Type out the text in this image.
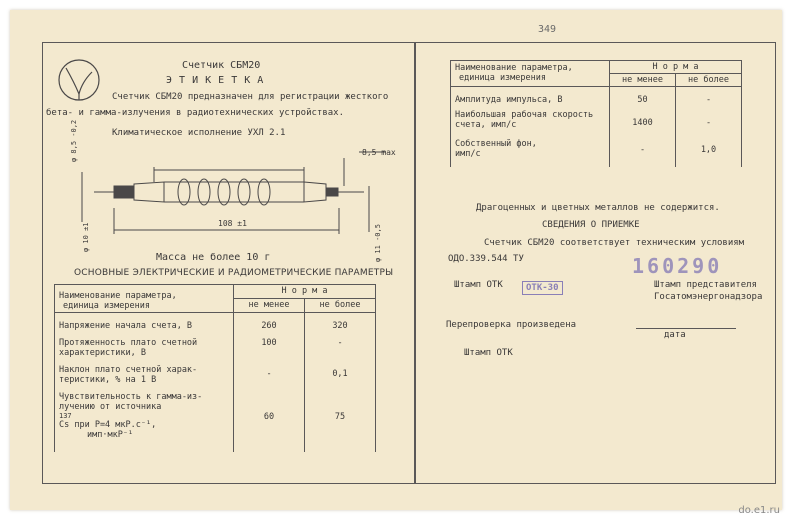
349
Счетчик СБМ20
Э Т И К Е Т К А
Счетчик СБМ20 предназначен для регистрации жесткого
бета- и гамма-излучения в радиотехнических устройствах.
Климатическое исполнение УХЛ 2.1
φ 8,5 -0,2	8,5 max
108 ±1
φ 10 ±1	φ 11 -0,5
Масса не более 10 г
ОСНОВНЫЕ ЭЛЕКТРИЧЕСКИЕ И РАДИОМЕТРИЧЕСКИЕ ПАРАМЕТРЫ
Наименование параметра,
единица измерения	Н о р м а	
	не менее	не более

Напряжение начала счета, В	260	320

Протяженность плато счетной
характеристики, В	100	-

Наклон плато счетной харак-
теристики, % на 1 В	-	0,1

Чувствительность к гамма-из-
лучению от источника
137
Cs при P=4 мкР.с⁻¹,
имп·мкР⁻¹	60	75
Наименование параметра,
единица измерения	Н о р м а	
	не менее	не более

Амплитуда импульса, В	50	-

Наибольшая рабочая скорость
счета, имп/с	1400	-

Собственный фон,
имп/с	-	1,0
Драгоценных и цветных металлов не содержится.
СВЕДЕНИЯ О ПРИЕМКЕ
Счетчик СБМ20 соответствует техническим условиям
ОДО.339.544 ТУ	160290
Штамп ОТК	ОТК-30	Штамп представителя
Госатомэнергонадзора
Перепроверка произведена
дата
Штамп ОТК
do.e1.ru
